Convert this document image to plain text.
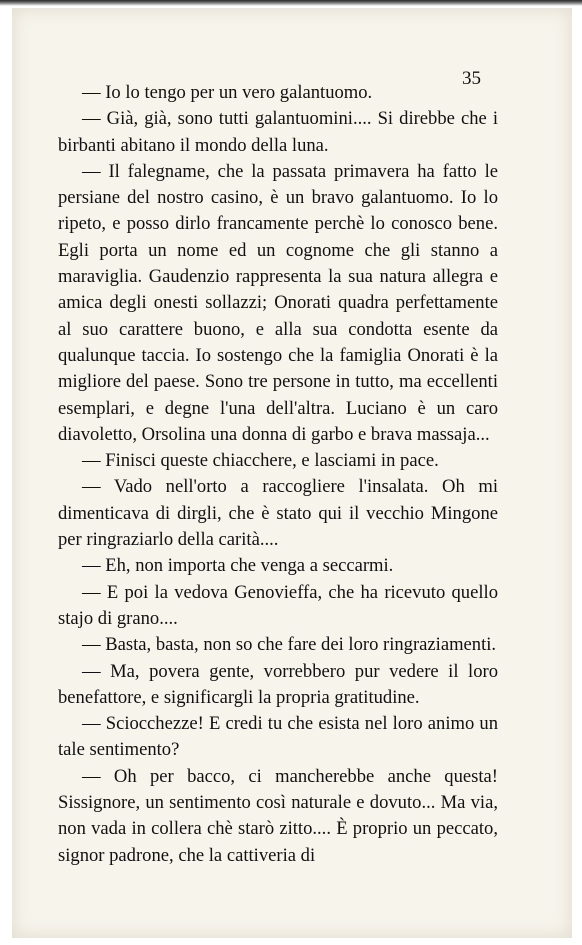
35

— Io lo tengo per un vero galantuomo.

— Già, già, sono tutti galantuomini.... Si direbbe che i birbanti abitano il mondo della luna.

— Il falegname, che la passata primavera ha fatto le persiane del nostro casino, è un bravo galantuomo. Io lo ripeto, e posso dirlo francamente perchè lo conosco bene. Egli porta un nome ed un cognome che gli stanno a maraviglia. Gaudenzio rappresenta la sua natura allegra e amica degli onesti sollazzi; Onorati quadra perfettamente al suo carattere buono, e alla sua condotta esente da qualunque taccia. Io sostengo che la famiglia Onorati è la migliore del paese. Sono tre persone in tutto, ma eccellenti esemplari, e degne l'una dell'altra. Luciano è un caro diavoletto, Orsolina una donna di garbo e brava massaja...

— Finisci queste chiacchere, e lasciami in pace.

— Vado nell'orto a raccogliere l'insalata. Oh mi dimenticava di dirgli, che è stato qui il vecchio Mingone per ringraziarlo della carità....

— Eh, non importa che venga a seccarmi.

— E poi la vedova Genovieffa, che ha ricevuto quello stajo di grano....

— Basta, basta, non so che fare dei loro ringraziamenti.

— Ma, povera gente, vorrebbero pur vedere il loro benefattore, e significargli la propria gratitudine.

— Sciocchezze! E credi tu che esista nel loro animo un tale sentimento?

— Oh per bacco, ci mancherebbe anche questa! Sissignore, un sentimento così naturale e dovuto... Ma via, non vada in collera chè starò zitto.... È proprio un peccato, signor padrone, che la cattiveria di
